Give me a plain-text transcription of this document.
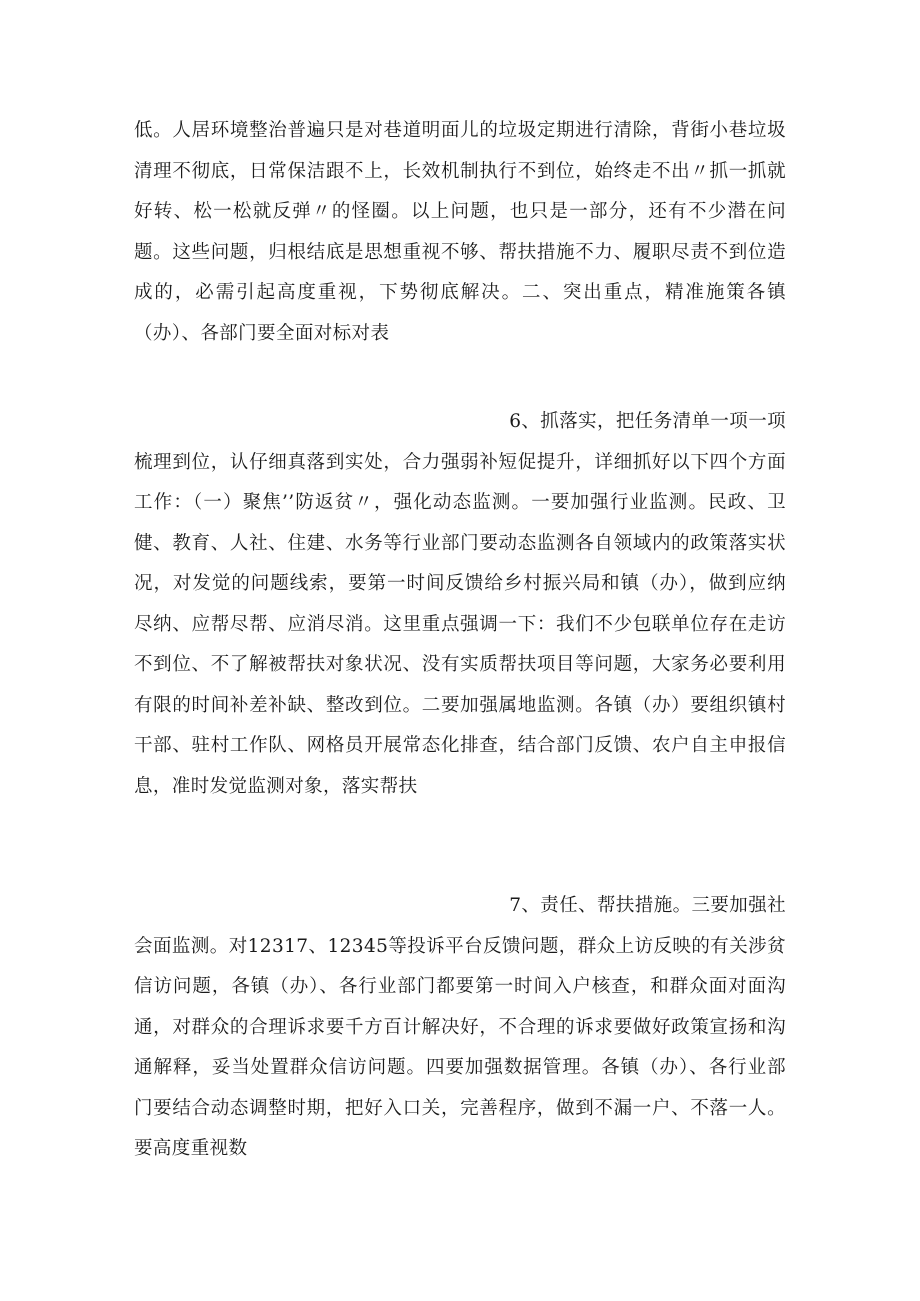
低。人居环境整治普遍只是对巷道明面儿的垃圾定期进行清除，背街小巷垃圾清理不彻底，日常保洁跟不上，长效机制执行不到位，始终走不出〃抓一抓就好转、松一松就反弹〃的怪圈。以上问题，也只是一部分，还有不少潜在问题。这些问题，归根结底是思想重视不够、帮扶措施不力、履职尽责不到位造成的，必需引起高度重视，下势彻底解决。二、突出重点，精准施策各镇（办）、各部门要全面对标对表

6、抓落实，把任务清单一项一项

梳理到位，认仔细真落到实处，合力强弱补短促提升，详细抓好以下四个方面工作：（一）聚焦’’防返贫〃，强化动态监测。一要加强行业监测。民政、卫健、教育、人社、住建、水务等行业部门要动态监测各自领域内的政策落实状况，对发觉的问题线索，要第一时间反馈给乡村振兴局和镇（办），做到应纳尽纳、应帮尽帮、应消尽消。这里重点强调一下：我们不少包联单位存在走访不到位、不了解被帮扶对象状况、没有实质帮扶项目等问题，大家务必要利用有限的时间补差补缺、整改到位。二要加强属地监测。各镇（办）要组织镇村干部、驻村工作队、网格员开展常态化排查，结合部门反馈、农户自主申报信息，准时发觉监测对象，落实帮扶

7、责任、帮扶措施。三要加强社

会面监测。对12317、12345等投诉平台反馈问题，群众上访反映的有关涉贫信访问题，各镇（办）、各行业部门都要第一时间入户核查，和群众面对面沟通，对群众的合理诉求要千方百计解决好，不合理的诉求要做好政策宣扬和沟通解释，妥当处置群众信访问题。四要加强数据管理。各镇（办）、各行业部门要结合动态调整时期，把好入口关，完善程序，做到不漏一户、不落一人。要高度重视数
